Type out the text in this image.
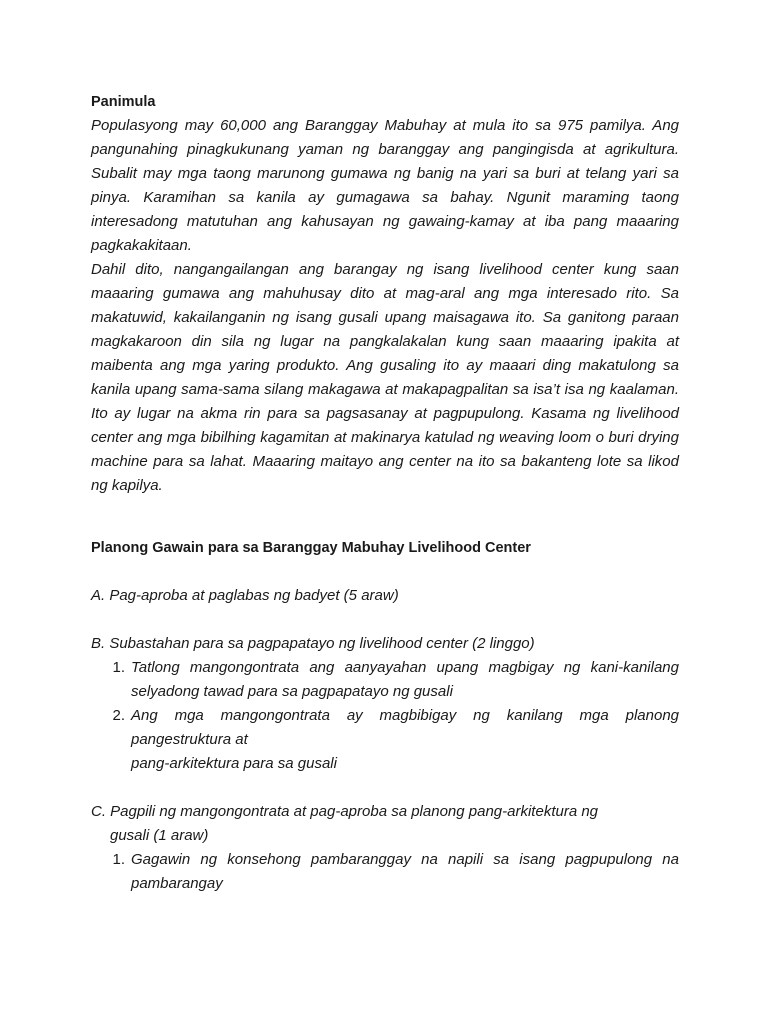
Panimula

Populasyong may 60,000 ang Baranggay Mabuhay at mula ito sa 975 pamilya. Ang pangunahing pinagkukunang yaman ng baranggay ang pangingisda at agrikultura. Subalit may mga taong marunong gumawa ng banig na yari sa buri at telang yari sa pinya. Karamihan sa kanila ay gumagawa sa bahay. Ngunit maraming taong interesadong matutuhan ang kahusayan ng gawaing-kamay at iba pang maaaring pagkakakitaan.

Dahil dito, nangangailangan ang barangay ng isang livelihood center kung saan maaaring gumawa ang mahuhusay dito at mag-aral ang mga interesado rito. Sa makatuwid, kakailanganin ng isang gusali upang maisagawa ito. Sa ganitong paraan magkakaroon din sila ng lugar na pangkalakalan kung saan maaaring ipakita at maibenta ang mga yaring produkto. Ang gusaling ito ay maaari ding makatulong sa kanila upang sama-sama silang makagawa at makapagpalitan sa isa’t isa ng kaalaman. Ito ay lugar na akma rin para sa pagsasanay at pagpupulong. Kasama ng livelihood center ang mga bibilhing kagamitan at makinarya katulad ng weaving loom o buri drying machine para sa lahat. Maaaring maitayo ang center na ito sa bakanteng lote sa likod ng kapilya.

Planong Gawain para sa Baranggay Mabuhay Livelihood Center

A. Pag-aproba at paglabas ng badyet (5 araw)

B. Subastahan para sa pagpapatayo ng livelihood center (2 linggo)

1. Tatlong mangongontrata ang aanyayahan upang magbigay ng kani-kanilang selyadong tawad para sa pagpapatayo ng gusali
2. Ang mga mangongontrata ay magbibigay ng kanilang mga planong pangestruktura at
pang-arkitektura para sa gusali

C. Pagpili ng mangongontrata at pag-aproba sa planong pang-arkitektura ng

gusali (1 araw)

1. Gagawin ng konsehong pambaranggay na napili sa isang pagpupulong na pambarangay
